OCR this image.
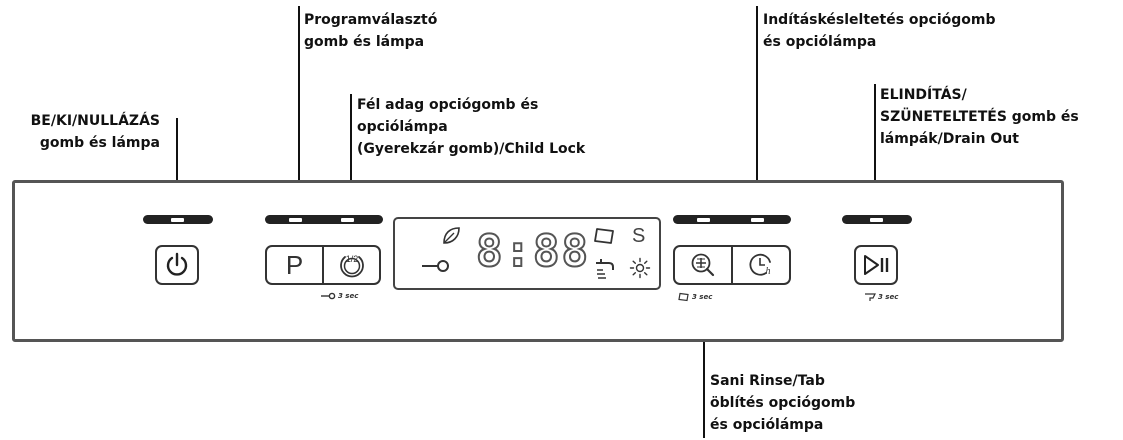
BE/KI/NULLÁZÁS
gomb és lámpa
Programválasztó
gomb és lámpa
Fél adag opciógomb és
opciólámpa
(Gyerekzár gomb)/Child Lock
Indításkésleltetés opciógomb
és opciólámpa
ELINDÍTÁS/
SZÜNETELTETÉS gomb és
lámpák/Drain Out
Sani Rinse/Tab
öblítés opciógomb
és opciólámpa
P	1/2	8:88 S
h
3 sec	3 sec	3 sec
